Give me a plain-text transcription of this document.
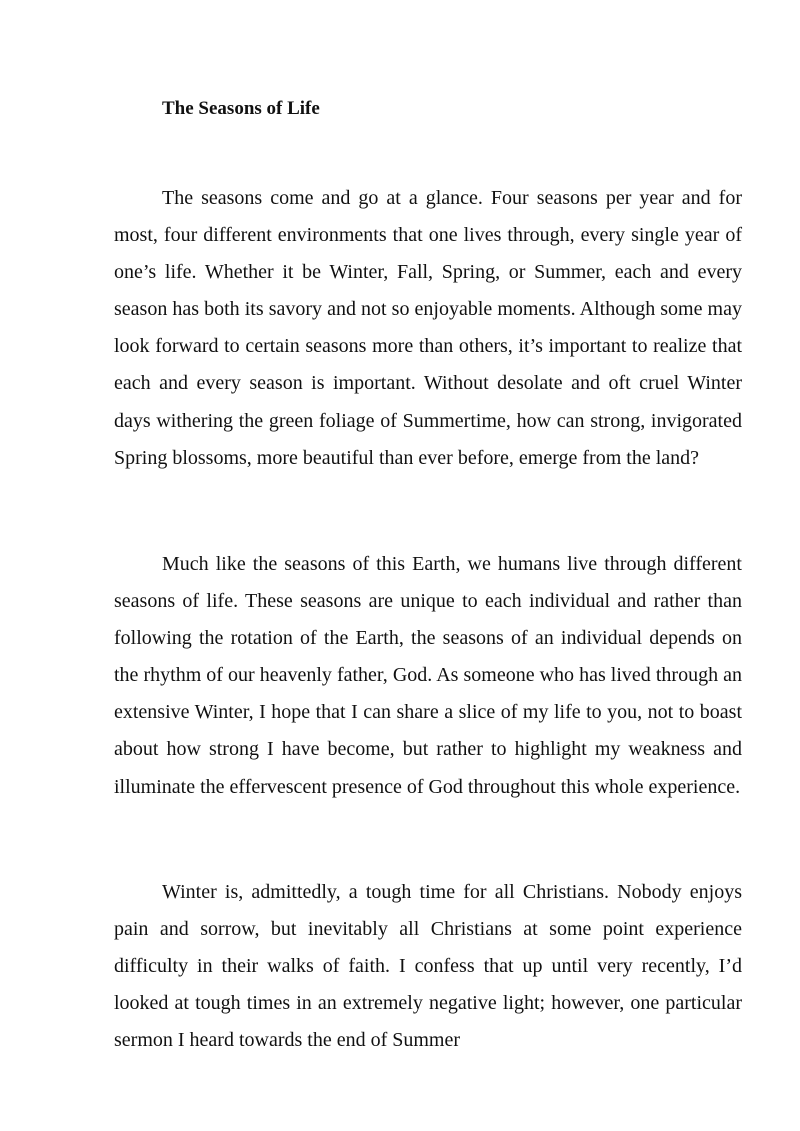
The Seasons of Life

The seasons come and go at a glance. Four seasons per year and for most, four different environments that one lives through, every single year of one’s life. Whether it be Winter, Fall, Spring, or Summer, each and every season has both its savory and not so enjoyable moments. Although some may look forward to certain seasons more than others, it’s important to realize that each and every season is important. Without desolate and oft cruel Winter days withering the green foliage of Summertime, how can strong, invigorated Spring blossoms, more beautiful than ever before, emerge from the land?

Much like the seasons of this Earth, we humans live through different seasons of life. These seasons are unique to each individual and rather than following the rotation of the Earth, the seasons of an individual depends on the rhythm of our heavenly father, God. As someone who has lived through an extensive Winter, I hope that I can share a slice of my life to you, not to boast about how strong I have become, but rather to highlight my weakness and illuminate the effervescent presence of God throughout this whole experience.

Winter is, admittedly, a tough time for all Christians. Nobody enjoys pain and sorrow, but inevitably all Christians at some point experience difficulty in their walks of faith. I confess that up until very recently, I’d looked at tough times in an extremely negative light; however, one particular sermon I heard towards the end of Summer
